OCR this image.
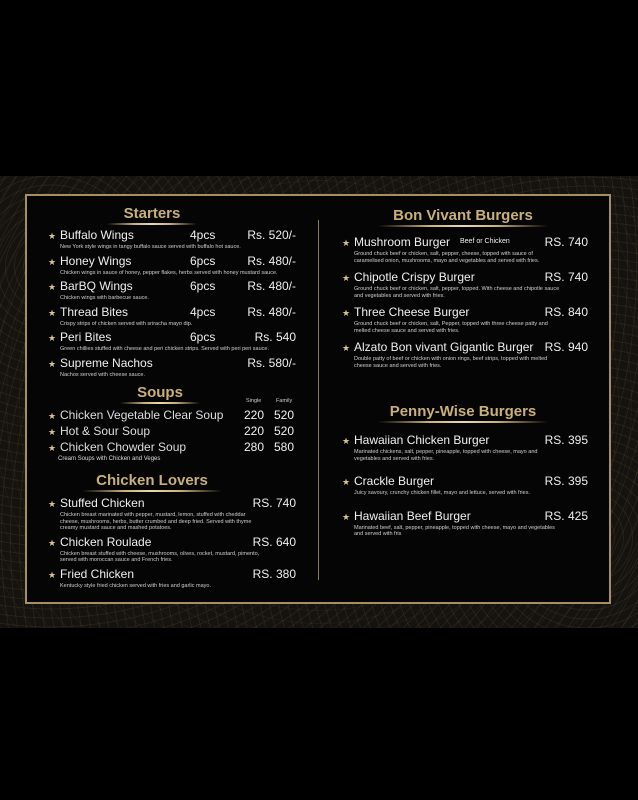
Starters
★ Buffalo Wings	4pcs	Rs. 520/-
New York style wings in tangy buffalo sauce served with buffalo hot sauce.
★ Honey Wings	6pcs	Rs. 480/-
Chicken wings in sauce of honey, pepper flakes, herbs served with honey mustard sauce.
★ BarBQ Wings	6pcs	Rs. 480/-
Chicken wings with barbecue sauce.
★ Thread Bites	4pcs	Rs. 480/-
Crispy strips of chicken served with sriracha mayo dip.
★ Peri Bites	6pcs	Rs. 540
Green chillies stuffed with cheese and peri chicken strips. Served with peri peri sauce.
★ Supreme Nachos	Rs. 580/-
Nachos served with cheese sauce.
Soups	Single	Family
★ Chicken Vegetable Clear Soup 220 520
★ Hot & Sour Soup	220 520
★ Chicken Chowder Soup	280 580
Cream Soups with Chicken and Veges
Chicken Lovers
★ Stuffed Chicken	RS. 740
Chicken breast marinated with pepper, mustard, lemon, stuffed with cheddar cheese, mushrooms, herbs, butter crumbed and deep fried. Served with thyme creamy mustard sauce and mashed potatoes.
★ Chicken Roulade	RS. 640
Chicken breast stuffed with cheese, mushrooms, olives, rocket, mustard, pimento, served with moroccan sauce and French fries.
★ Fried Chicken	RS. 380
Kentucky style fried chicken served with fries and garlic mayo.
Bon Vivant Burgers
★ Mushroom Burger Beef or Chicken	RS. 740
Ground chuck beef or chicken, salt, pepper, cheese, topped with sauce of caramelised onion, mushrooms, mayo and vegetables and served with fries.
★ Chipotle Crispy Burger	RS. 740
Ground chuck beef or chicken, salt, pepper, topped. With cheese and chipotle sauce and vegetables and served with fries.
★ Three Cheese Burger	RS. 840
Ground chuck beef or chicken, salt, Pepper, topped with three cheese patty and melted cheese sauce and served with fries.
★ Alzato Bon vivant Gigantic Burger RS. 940
Double patty of beef or chicken with onion rings, beef strips, topped with melted cheese sauce and served with fries.
Penny-Wise Burgers
★ Hawaiian Chicken Burger	RS. 395
Marinated chickens, salt, pepper, pineapple, topped with cheese, mayo and vegetables and served with fries.
★ Crackle Burger	RS. 395
Juicy savoury, crunchy chicken fillet, mayo and lettuce, served with fries.
★ Hawaiian Beef Burger	RS. 425
Marinated beef, salt, pepper, pineapple, topped with cheese, mayo and vegetables and served with fris
